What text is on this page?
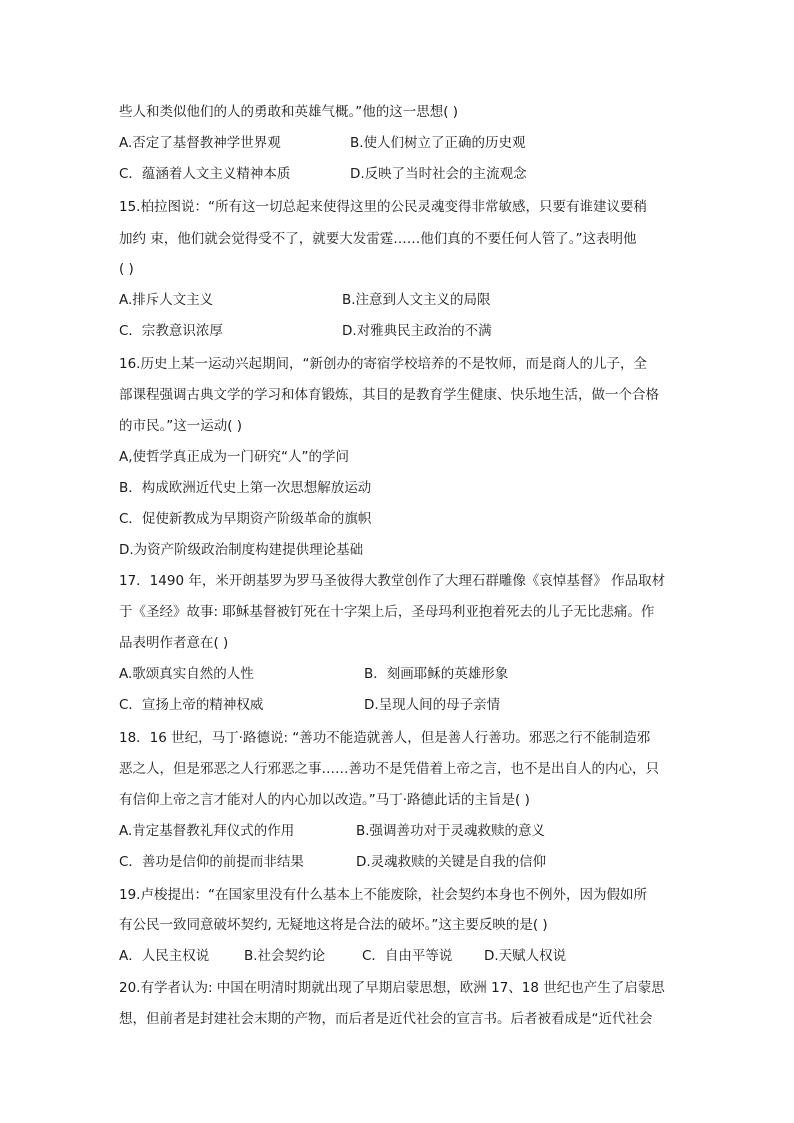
些人和类似他们的人的勇敢和英雄气概。”他的这一思想( )
A.否定了基督教神学世界观	B.使人们树立了正确的历史观
C．蕴涵着人文主义精神本质	D.反映了当时社会的主流观念
15.柏拉图说：“所有这一切总起来使得这里的公民灵魂变得非常敏感，只要有谁建议要稍
加约 束，他们就会觉得受不了，就要大发雷霆……他们真的不要任何人管了。”这表明他
( )
A.排斥人文主义	B.注意到人文主义的局限
C．宗教意识浓厚	D.对雅典民主政治的不满
16.历史上某一运动兴起期间，“新创办的寄宿学校培养的不是牧师，而是商人的儿子，全
部课程强调古典文学的学习和体育锻炼，其目的是教育学生健康、快乐地生活，做一个合格
的市民。”这一运动( )
A,使哲学真正成为一门研究“人”的学问
B．构成欧洲近代史上第一次思想解放运动
C．促使新教成为早期资产阶级革命的旗帜
D.为资产阶级政治制度构建提供理论基础
17．1490 年，米开朗基罗为罗马圣彼得大教堂创作了大理石群雕像《哀悼基督》 作品取材
于《圣经》故事: 耶稣基督被钉死在十字架上后，圣母玛利亚抱着死去的儿子无比悲痛。作
品表明作者意在( )
A.歌颂真实自然的人性	B．刻画耶稣的英雄形象
C．宣扬上帝的精神权威	D.呈现人间的母子亲情
18．16 世纪，马丁·路德说: “善功不能造就善人，但是善人行善功。邪恶之行不能制造邪
恶之人，但是邪恶之人行邪恶之事……善功不是凭借着上帝之言，也不是出自人的内心，只
有信仰上帝之言才能对人的内心加以改造。”马丁·路德此话的主旨是( )
A.肯定基督教礼拜仪式的作用	B.强调善功对于灵魂救赎的意义
C．善功是信仰的前提而非结果	D.灵魂救赎的关键是自我的信仰
19.卢梭提出：“在国家里没有什么基本上不能废除，社会契约本身也不例外，因为假如所
有公民一致同意破坏契约, 无疑地这将是合法的破坏。”这主要反映的是( )
A．人民主权说	B.社会契约论	C．自由平等说 D.天赋人权说
20.有学者认为: 中国在明清时期就出现了早期启蒙思想，欧洲 17、18 世纪也产生了启蒙思
想，但前者是封建社会末期的产物，而后者是近代社会的宣言书。后者被看成是“近代社会
